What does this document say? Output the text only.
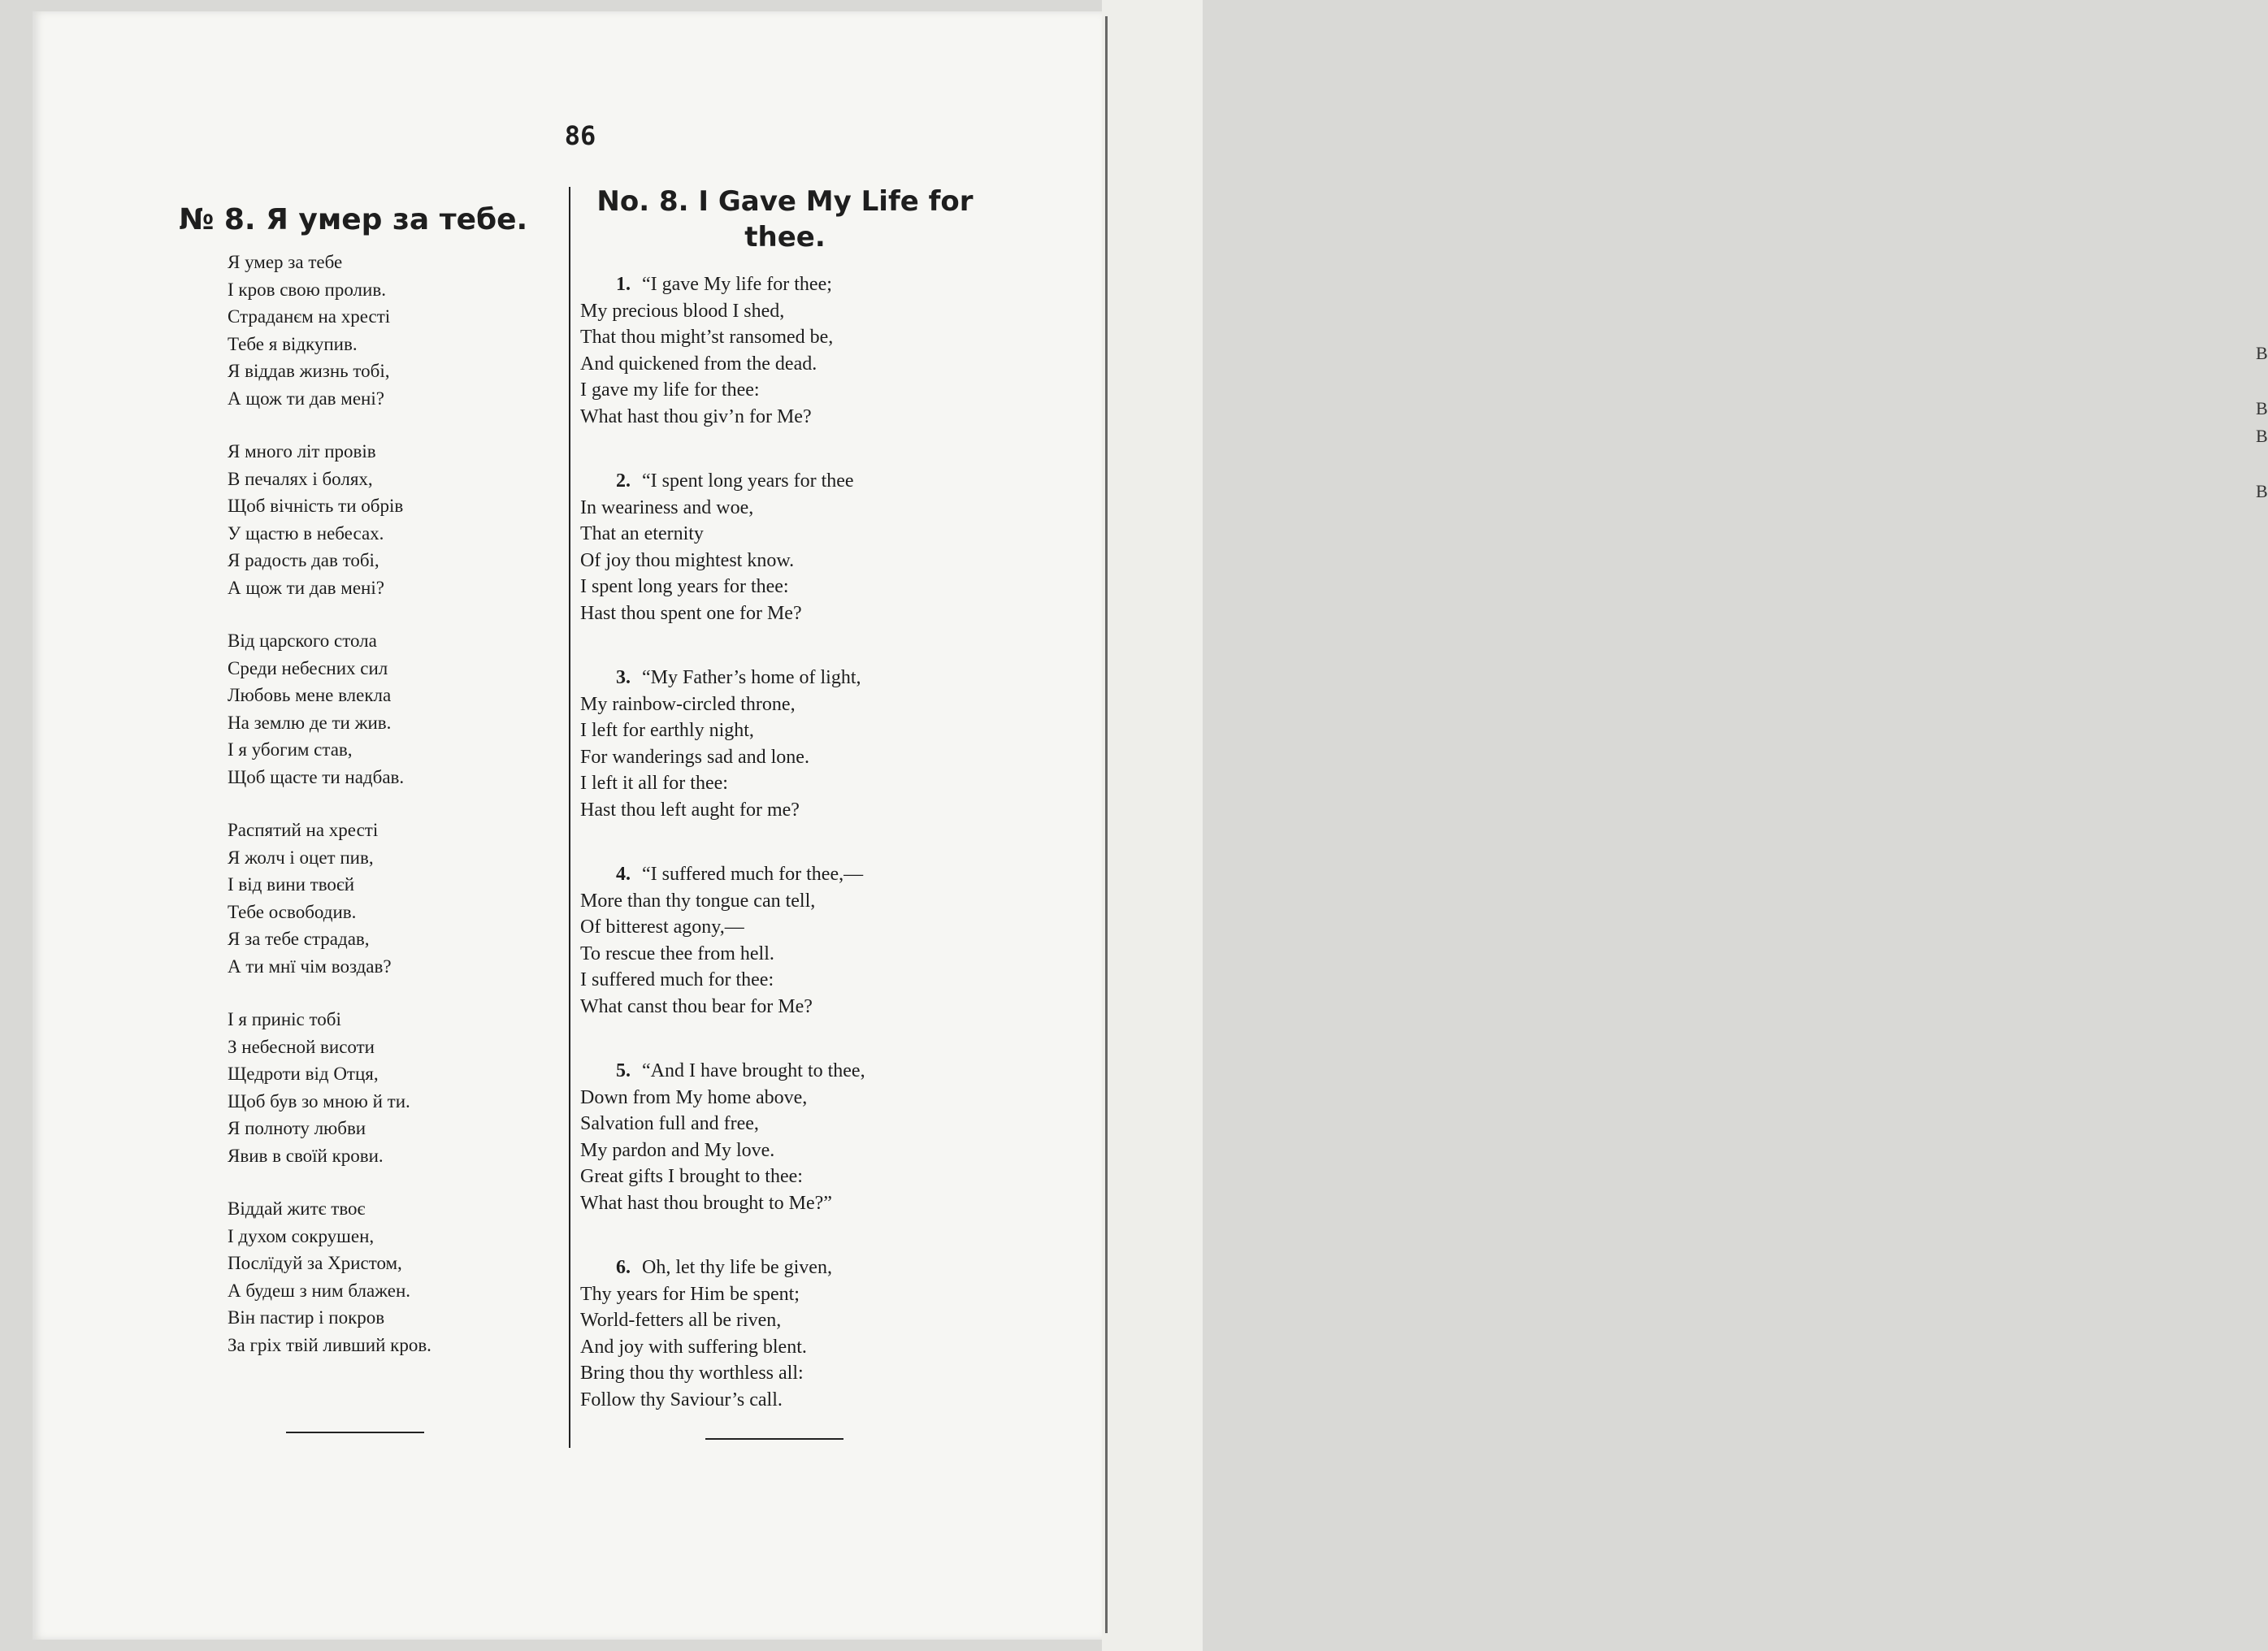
В
В
В
В
86
№ 8. Я умер за тебе.
No. 8. I Gave My Life for thee.
Я умер за тебе
І кров свою пролив.
Страданєм на хресті
Тебе я відкупив.
Я віддав жизнь тобі,
А щож ти дав мені?
Я много літ провів
В печалях і болях,
Щоб вічність ти обрів
У щастю в небесах.
Я радость дав тобі,
А щож ти дав мені?
Від царского стола
Среди небесних сил
Любовь мене влекла
На землю де ти жив.
І я убогим став,
Щоб щасте ти надбав.
Распятий на хресті
Я жолч і оцет пив,
І від вини твоєй
Тебе освободив.
Я за тебе страдав,
А ти мнї чім воздав?
І я приніс тобі
З небесной висоти
Щедроти від Отця,
Щоб був зо мною й ти.
Я полноту любви
Явив в своїй крови.
Віддай житє твоє
І духом сокрушен,
Послїдуй за Христом,
А будеш з ним блажен.
Він пастир і покров
За гріх твій ливший кров.
1. “I gave My life for thee;
My precious blood I shed,
That thou might’st ransomed be,
And quickened from the dead.
I gave my life for thee:
What hast thou giv’n for Me?
2. “I spent long years for thee
In weariness and woe,
That an eternity
Of joy thou mightest know.
I spent long years for thee:
Hast thou spent one for Me?
3. “My Father’s home of light,
My rainbow-circled throne,
I left for earthly night,
For wanderings sad and lone.
I left it all for thee:
Hast thou left aught for me?
4. “I suffered much for thee,—
More than thy tongue can tell,
Of bitterest agony,—
To rescue thee from hell.
I suffered much for thee:
What canst thou bear for Me?
5. “And I have brought to thee,
Down from My home above,
Salvation full and free,
My pardon and My love.
Great gifts I brought to thee:
What hast thou brought to Me?”
6. Oh, let thy life be given,
Thy years for Him be spent;
World-fetters all be riven,
And joy with suffering blent.
Bring thou thy worthless all:
Follow thy Saviour’s call.
